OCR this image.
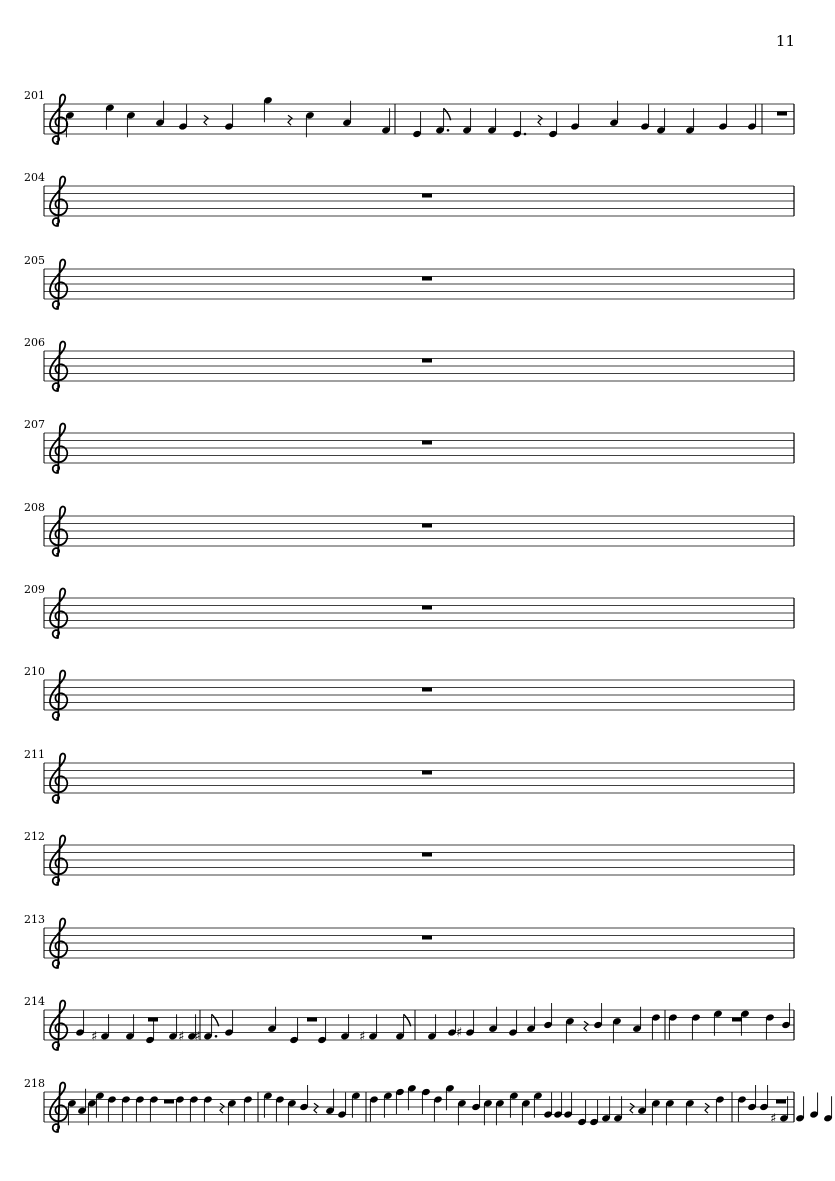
11
201
204
205
206
207
208
209
210
211
212
213
214
♯	♯ ♯	♯	♯
218
♯
